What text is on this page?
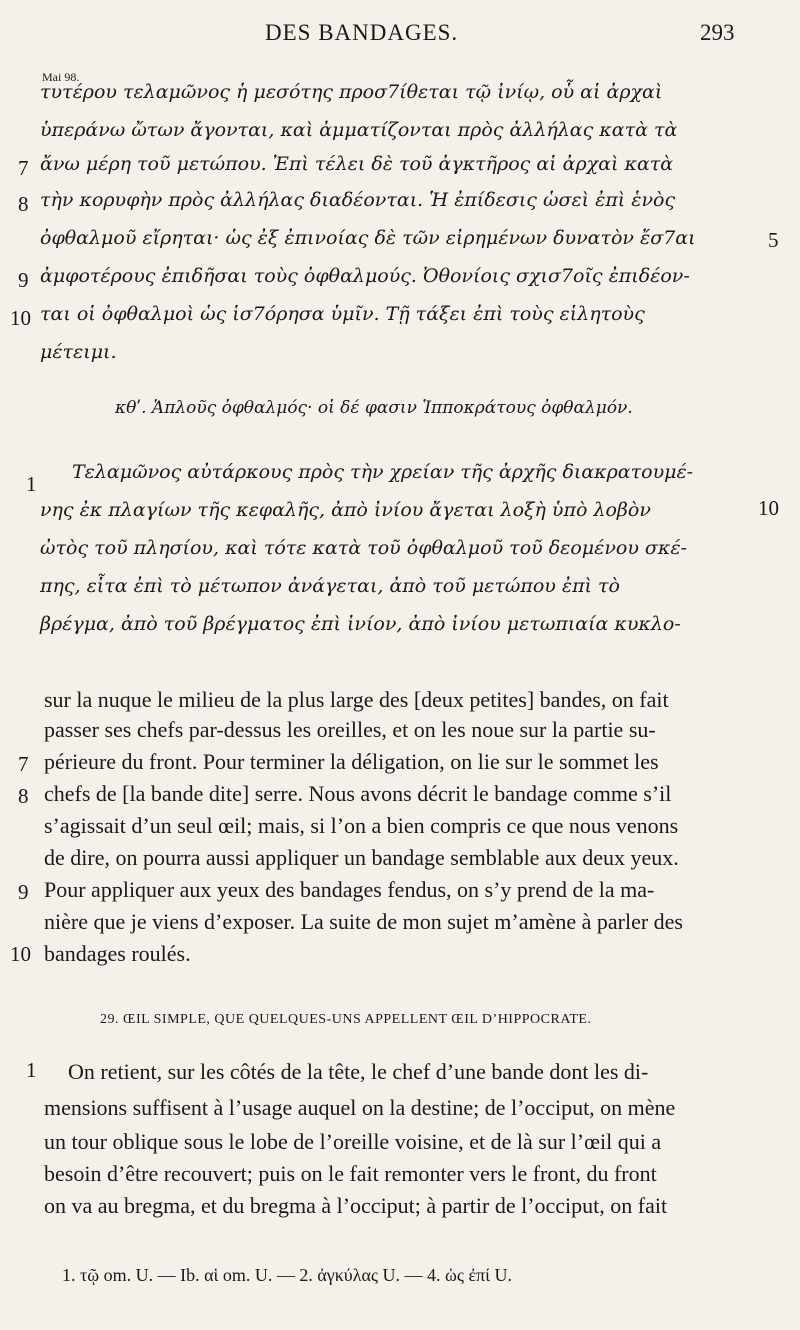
DES BANDAGES.	293
Mai 98.
τυτέρου τελαμῶνος ἡ μεσότης προσ7ίθεται τῷ ἰνίῳ, οὗ αἱ ἀρχαὶ
ὑπεράνω ὤτων ἄγονται, καὶ ἀμματίζονται πρὸς ἀλλήλας κατὰ τὰ
ἄνω μέρη τοῦ μετώπου. Ἐπὶ τέλει δὲ τοῦ ἀγκτῆρος αἱ ἀρχαὶ κατὰ
τὴν κορυφὴν πρὸς ἀλλήλας διαδέονται. Ἡ ἐπίδεσις ὡσεὶ ἐπὶ ἑνὸς
ὀφθαλμοῦ εἴρηται· ὡς ἐξ ἐπινοίας δὲ τῶν εἰρημένων δυνατὸν ἔσ7αι
ἀμφοτέρους ἐπιδῆσαι τοὺς ὀφθαλμούς. Ὀθονίοις σχισ7οῖς ἐπιδέον-
ται οἱ ὀφθαλμοὶ ὡς ἱσ7όρησα ὑμῖν. Τῇ τάξει ἐπὶ τοὺς εἱλητοὺς
μέτειμι.
7
8
9
10
5
κθʹ. Ἁπλοῦς ὀφθαλμός· οἱ δέ φασιν Ἱπποκράτους ὀφθαλμόν.
Τελαμῶνος αὐτάρκους πρὸς τὴν χρείαν τῆς ἀρχῆς διακρατουμέ-
νης ἐκ πλαγίων τῆς κεφαλῆς, ἀπὸ ἰνίου ἄγεται λοξὴ ὑπὸ λοβὸν
ὠτὸς τοῦ πλησίου, καὶ τότε κατὰ τοῦ ὀφθαλμοῦ τοῦ δεομένου σκέ-
πης, εἶτα ἐπὶ τὸ μέτωπον ἀνάγεται, ἀπὸ τοῦ μετώπου ἐπὶ τὸ
βρέγμα, ἀπὸ τοῦ βρέγματος ἐπὶ ἰνίον, ἀπὸ ἰνίου μετωπιαία κυκλο-
1
10
sur la nuque le milieu de la plus large des [deux petites] bandes, on fait
passer ses chefs par-dessus les oreilles, et on les noue sur la partie su-
périeure du front. Pour terminer la déligation, on lie sur le sommet les
chefs de [la bande dite] serre. Nous avons décrit le bandage comme s’il
s’agissait d’un seul œil; mais, si l’on a bien compris ce que nous venons
de dire, on pourra aussi appliquer un bandage semblable aux deux yeux.
Pour appliquer aux yeux des bandages fendus, on s’y prend de la ma-
nière que je viens d’exposer. La suite de mon sujet m’amène à parler des
bandages roulés.
7
8
9
10
29. ŒIL SIMPLE, QUE QUELQUES-UNS APPELLENT ŒIL D’HIPPOCRATE.
On retient, sur les côtés de la tête, le chef d’une bande dont les di-
mensions suffisent à l’usage auquel on la destine; de l’occiput, on mène
un tour oblique sous le lobe de l’oreille voisine, et de là sur l’œil qui a
besoin d’être recouvert; puis on le fait remonter vers le front, du front
on va au bregma, et du bregma à l’occiput; à partir de l’occiput, on fait
1
1. τῷ om. U. — Ib. αἱ om. U. — 2. ἀγκύλας U. — 4. ὡς ἐπί U.
